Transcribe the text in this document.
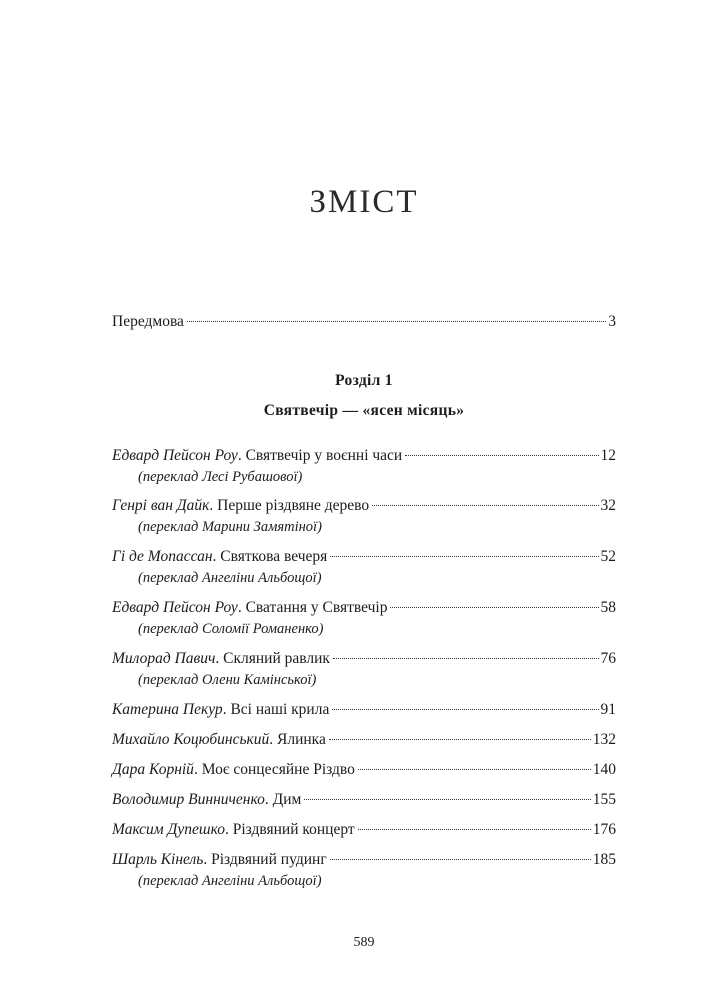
ЗМІСТ
Передмова	3
Розділ 1
Святвечір — «ясен місяць»
Едвард Пейсон Роу. Святвечір у воєнні часи	12
(переклад Лесі Рубашової)
Генрі ван Дайк. Перше різдвяне дерево	32
(переклад Марини Замятіної)
Гі де Мопассан. Святкова вечеря	52
(переклад Ангеліни Альбощої)
Едвард Пейсон Роу. Сватання у Святвечір	58
(переклад Соломії Романенко)
Милорад Павич. Скляний равлик	76
(переклад Олени Камінської)
Катерина Пекур. Всі наші крила	91
Михайло Коцюбинський. Ялинка	132
Дара Корній. Моє сонцесяйне Різдво	140
Володимир Винниченко. Дим	155
Максим Дупешко. Різдвяний концерт	176
Шарль Кінель. Різдвяний пудинг	185
(переклад Ангеліни Альбощої)
589
